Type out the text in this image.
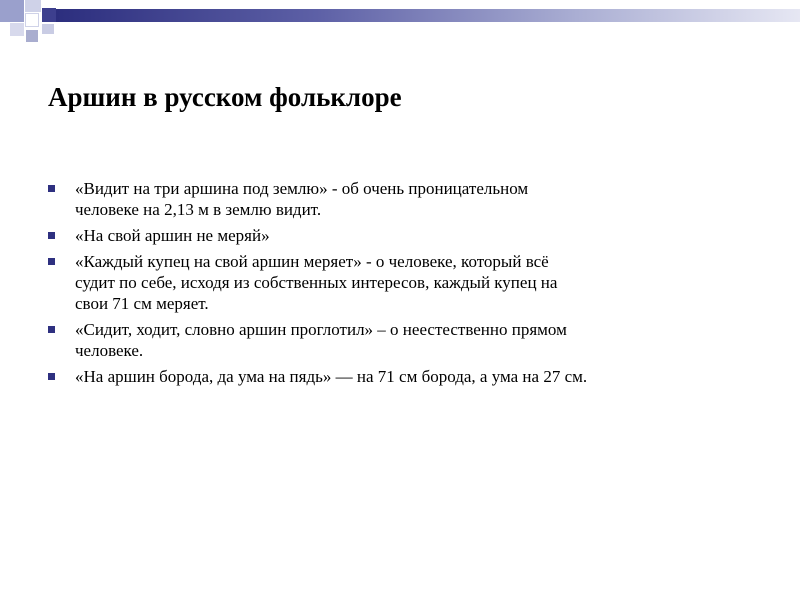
Аршин в русском фольклоре
«Видит на три аршина под землю» - об очень проницательном
человеке на 2,13 м в землю видит.
«На свой аршин не меряй»
«Каждый купец на свой аршин меряет» - о человеке, который всё
судит по себе, исходя из собственных интересов, каждый купец на
свои 71 см меряет.
«Сидит, ходит, словно аршин проглотил» – о неестественно прямом
человеке.
«На аршин борода, да ума на пядь» — на 71 см борода, а ума на 27 см.
